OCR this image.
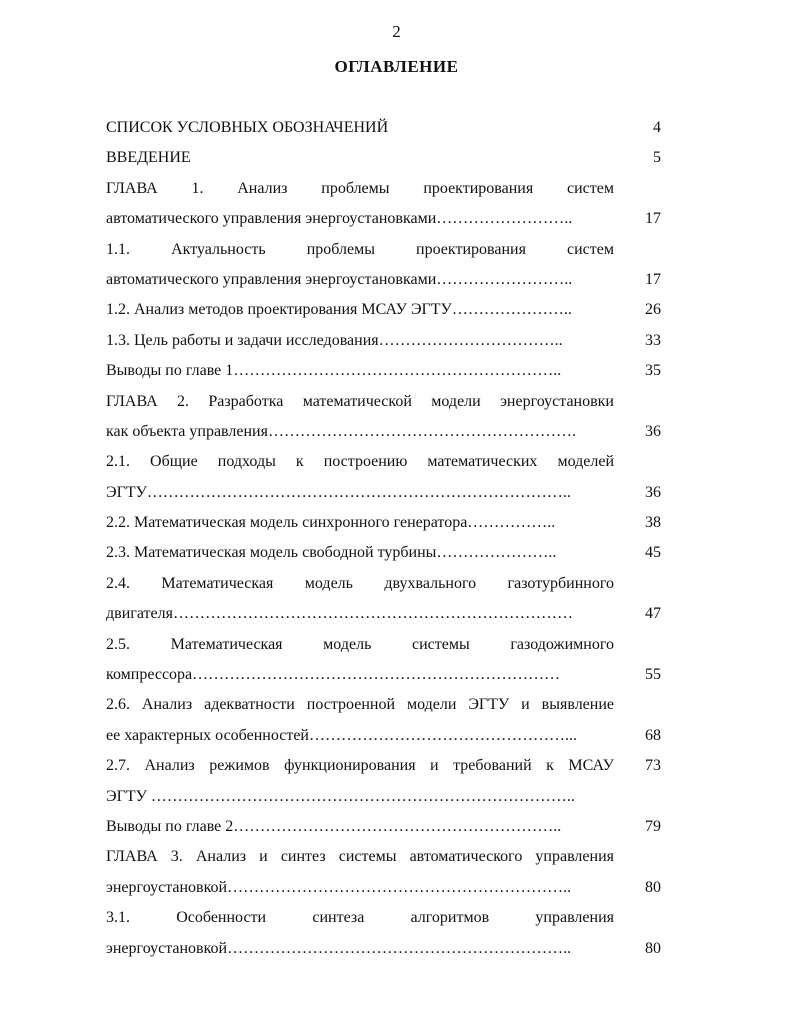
2
ОГЛАВЛЕНИЕ
СПИСОК УСЛОВНЫХ ОБОЗНАЧЕНИЙ	4
ВВЕДЕНИЕ	5
ГЛАВА 1. Анализ проблемы проектирования систем
автоматического управления энергоустановками……………………..	17
1.1. Актуальность проблемы проектирования систем
автоматического управления энергоустановками……………………..	17
1.2. Анализ методов проектирования МСАУ ЭГТУ…………………..	26
1.3. Цель работы и задачи исследования……………………………..	33
Выводы по главе 1……………………………………………………..	35
ГЛАВА 2. Разработка математической модели энергоустановки
как объекта управления………………………………………………….	36
2.1. Общие подходы к построению математических моделей
ЭГТУ……………………………………………………………………..	36
2.2. Математическая модель синхронного генератора……………..	38
2.3. Математическая модель свободной турбины…………………..	45
2.4. Математическая модель двухвального газотурбинного
двигателя…………………………………………………………………	47
2.5. Математическая модель системы газодожимного
компрессора……………………………………………………………	55
2.6. Анализ адекватности построенной модели ЭГТУ и выявление
ее характерных особенностей…………………………………………...	68
2.7. Анализ режимов функционирования и требований к МСАУ	73
ЭГТУ ……………………………………………………………………..
Выводы по главе 2……………………………………………………..	79
ГЛАВА 3. Анализ и синтез системы автоматического управления
энергоустановкой………………………………………………………..	80
3.1. Особенности синтеза алгоритмов управления
энергоустановкой………………………………………………………..	80
